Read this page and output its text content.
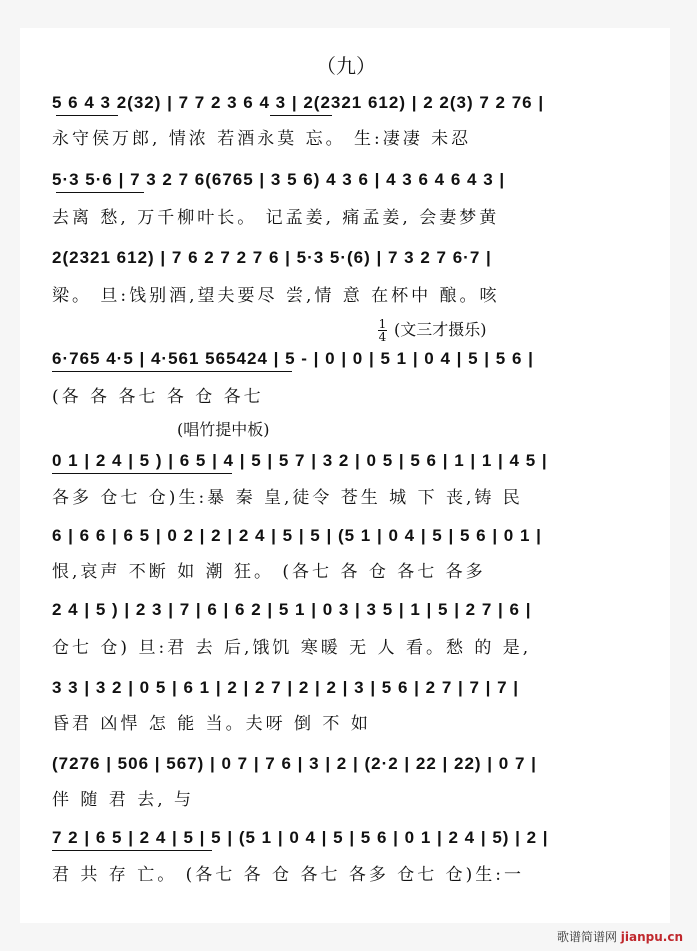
（九）
1
4 (文三才摄乐)
(唱竹提中板)
5 6 4 3 2(32) | 7 7 2 3 6 4 3 | 2(2321 612) | 2 2(3) 7 2 76 |
永守侯万郎, 情浓 若酒永莫 忘。 生:凄凄 未忍
5·3 5·6 | 7 3 2 7 6(6765 | 3 5 6) 4 3 6 | 4 3 6 4 6 4 3 |
去离 愁, 万千柳叶长。 记孟姜, 痛孟姜, 会妻梦黄
2(2321 612) | 7 6 2 7 2 7 6 | 5·3 5·(6) | 7 3 2 7 6·7 |
梁。 旦:饯别酒,望夫要尽 尝,情 意 在杯中 酿。咳
6·765 4·5 | 4·561 565424 | 5 - | 0 | 0 | 5 1 | 0 4 | 5 | 5 6 |
(各 各 各七 各 仓 各七
0 1 | 2 4 | 5 ) | 6 5 | 4 | 5 | 5 7 | 3 2 | 0 5 | 5 6 | 1 | 1 | 4 5 |
各多 仓七 仓)生:暴 秦 皇,徒令 苍生 城 下 丧,铸 民
6 | 6 6 | 6 5 | 0 2 | 2 | 2 4 | 5 | 5 | (5 1 | 0 4 | 5 | 5 6 | 0 1 |
恨,哀声 不断 如 潮 狂。 (各七 各 仓 各七 各多
2 4 | 5 ) | 2 3 | 7 | 6 | 6 2 | 5 1 | 0 3 | 3 5 | 1 | 5 | 2 7 | 6 |
仓七 仓) 旦:君 去 后,饿饥 寒暖 无 人 看。愁 的 是,
3 3 | 3 2 | 0 5 | 6 1 | 2 | 2 7 | 2 | 2 | 3 | 5 6 | 2 7 | 7 | 7 |
昏君 凶悍 怎 能 当。夫呀 倒 不 如
(7276 | 506 | 567) | 0 7 | 7 6 | 3 | 2 | (2·2 | 22 | 22) | 0 7 |
伴 随 君 去, 与
7 2 | 6 5 | 2 4 | 5 | 5 | (5 1 | 0 4 | 5 | 5 6 | 0 1 | 2 4 | 5) | 2 |
君 共 存 亡。 (各七 各 仓 各七 各多 仓七 仓)生:一
歌谱简谱网 jianpu.cn
